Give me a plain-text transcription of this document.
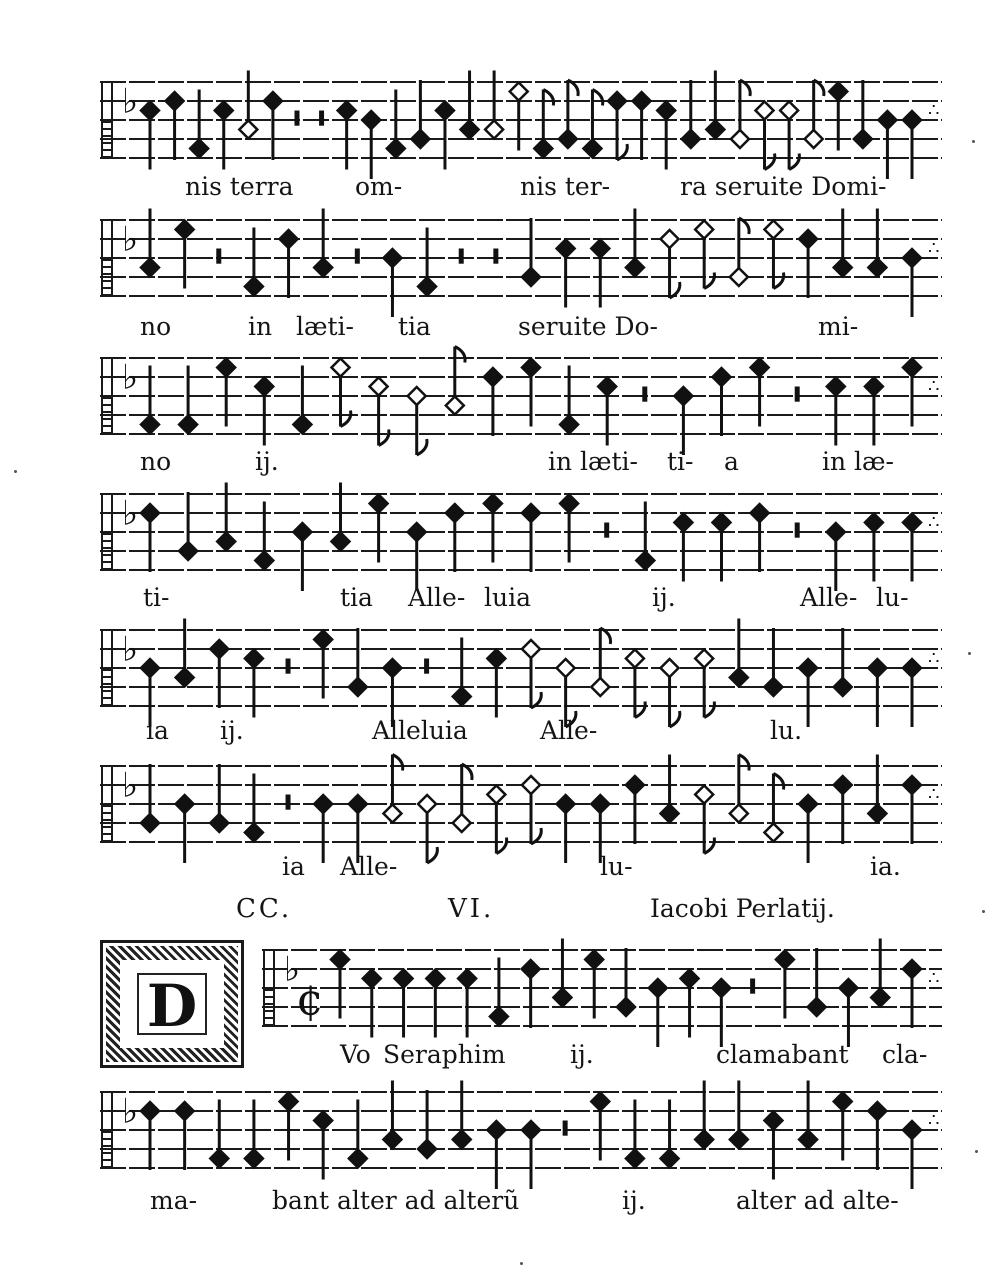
♭	∴
nis terra om-	nis ter-	ra seruite Domi-
♭	∴
no	in læti- tia	seruite Do-	mi-
♭	∴
no	ij.	in læti- ti- a	in læ-
♭	∴
ti-	tia Alle- luia	ij.	Alle- lu-
♭	∴
ia ij.	Alleluia	Alle-	lu.
♭	∴
ia Alle-	lu-	ia.
CC.	VI.	Iacobi Perlatij.
D
♭
¢	∴
Vo Seraphim	ij.	clamabant cla-
♭	∴
ma-	bant alter ad alterũ	ij.	alter ad alte-
